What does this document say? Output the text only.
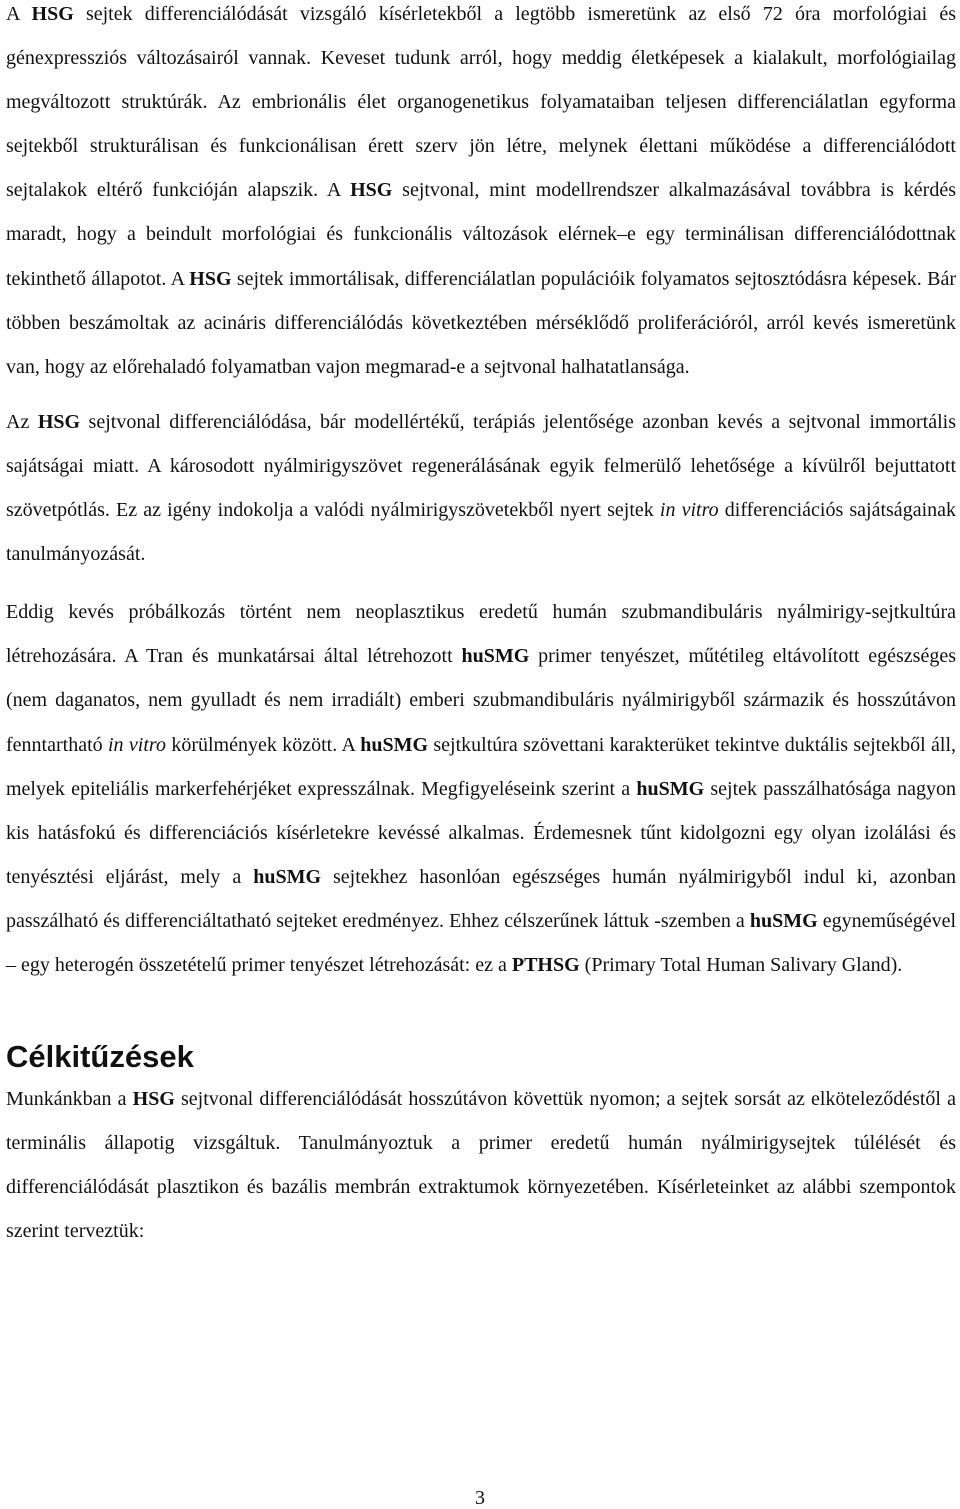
A HSG sejtek differenciálódását vizsgáló kísérletekből a legtöbb ismeretünk az első 72 óra morfológiai és génexpressziós változásairól vannak. Keveset tudunk arról, hogy meddig életképesek a kialakult, morfológiailag megváltozott struktúrák. Az embrionális élet organogenetikus folyamataiban teljesen differenciálatlan egyforma sejtekből strukturálisan és funkcionálisan érett szerv jön létre, melynek élettani működése a differenciálódott sejtalakok eltérő funkcióján alapszik. A HSG sejtvonal, mint modellrendszer alkalmazásával továbbra is kérdés maradt, hogy a beindult morfológiai és funkcionális változások elérnek–e egy terminálisan differenciálódottnak tekinthető állapotot. A HSG sejtek immortálisak, differenciálatlan populációik folyamatos sejtosztódásra képesek. Bár többen beszámoltak az acináris differenciálódás következtében mérséklődő proliferációról, arról kevés ismeretünk van, hogy az előrehaladó folyamatban vajon megmarad-e a sejtvonal halhatatlansága.

Az HSG sejtvonal differenciálódása, bár modellértékű, terápiás jelentősége azonban kevés a sejtvonal immortális sajátságai miatt. A károsodott nyálmirigyszövet regenerálásának egyik felmerülő lehetősége a kívülről bejuttatott szövetpótlás. Ez az igény indokolja a valódi nyálmirigyszövetekből nyert sejtek in vitro differenciációs sajátságainak tanulmányozását.

Eddig kevés próbálkozás történt nem neoplasztikus eredetű humán szubmandibuláris nyálmirigy-sejtkultúra létrehozására. A Tran és munkatársai által létrehozott huSMG primer tenyészet, műtétileg eltávolított egészséges (nem daganatos, nem gyulladt és nem irradiált) emberi szubmandibuláris nyálmirigyből származik és hosszútávon fenntartható in vitro körülmények között. A huSMG sejtkultúra szövettani karakterüket tekintve duktális sejtekből áll, melyek epiteliális markerfehérjéket expresszálnak. Megfigyeléseink szerint a huSMG sejtek passzálhatósága nagyon kis hatásfokú és differenciációs kísérletekre kevéssé alkalmas. Érdemesnek tűnt kidolgozni egy olyan izolálási és tenyésztési eljárást, mely a huSMG sejtekhez hasonlóan egészséges humán nyálmirigyből indul ki, azonban passzálható és differenciáltatható sejteket eredményez. Ehhez célszerűnek láttuk -szemben a huSMG egyneműségével – egy heterogén összetételű primer tenyészet létrehozását: ez a PTHSG (Primary Total Human Salivary Gland).

Célkitűzések

Munkánkban a HSG sejtvonal differenciálódását hosszútávon követtük nyomon; a sejtek sorsát az elköteleződéstől a terminális állapotig vizsgáltuk. Tanulmányoztuk a primer eredetű humán nyálmirigysejtek túlélését és differenciálódását plasztikon és bazális membrán extraktumok környezetében. Kísérleteinket az alábbi szempontok szerint terveztük:

3
